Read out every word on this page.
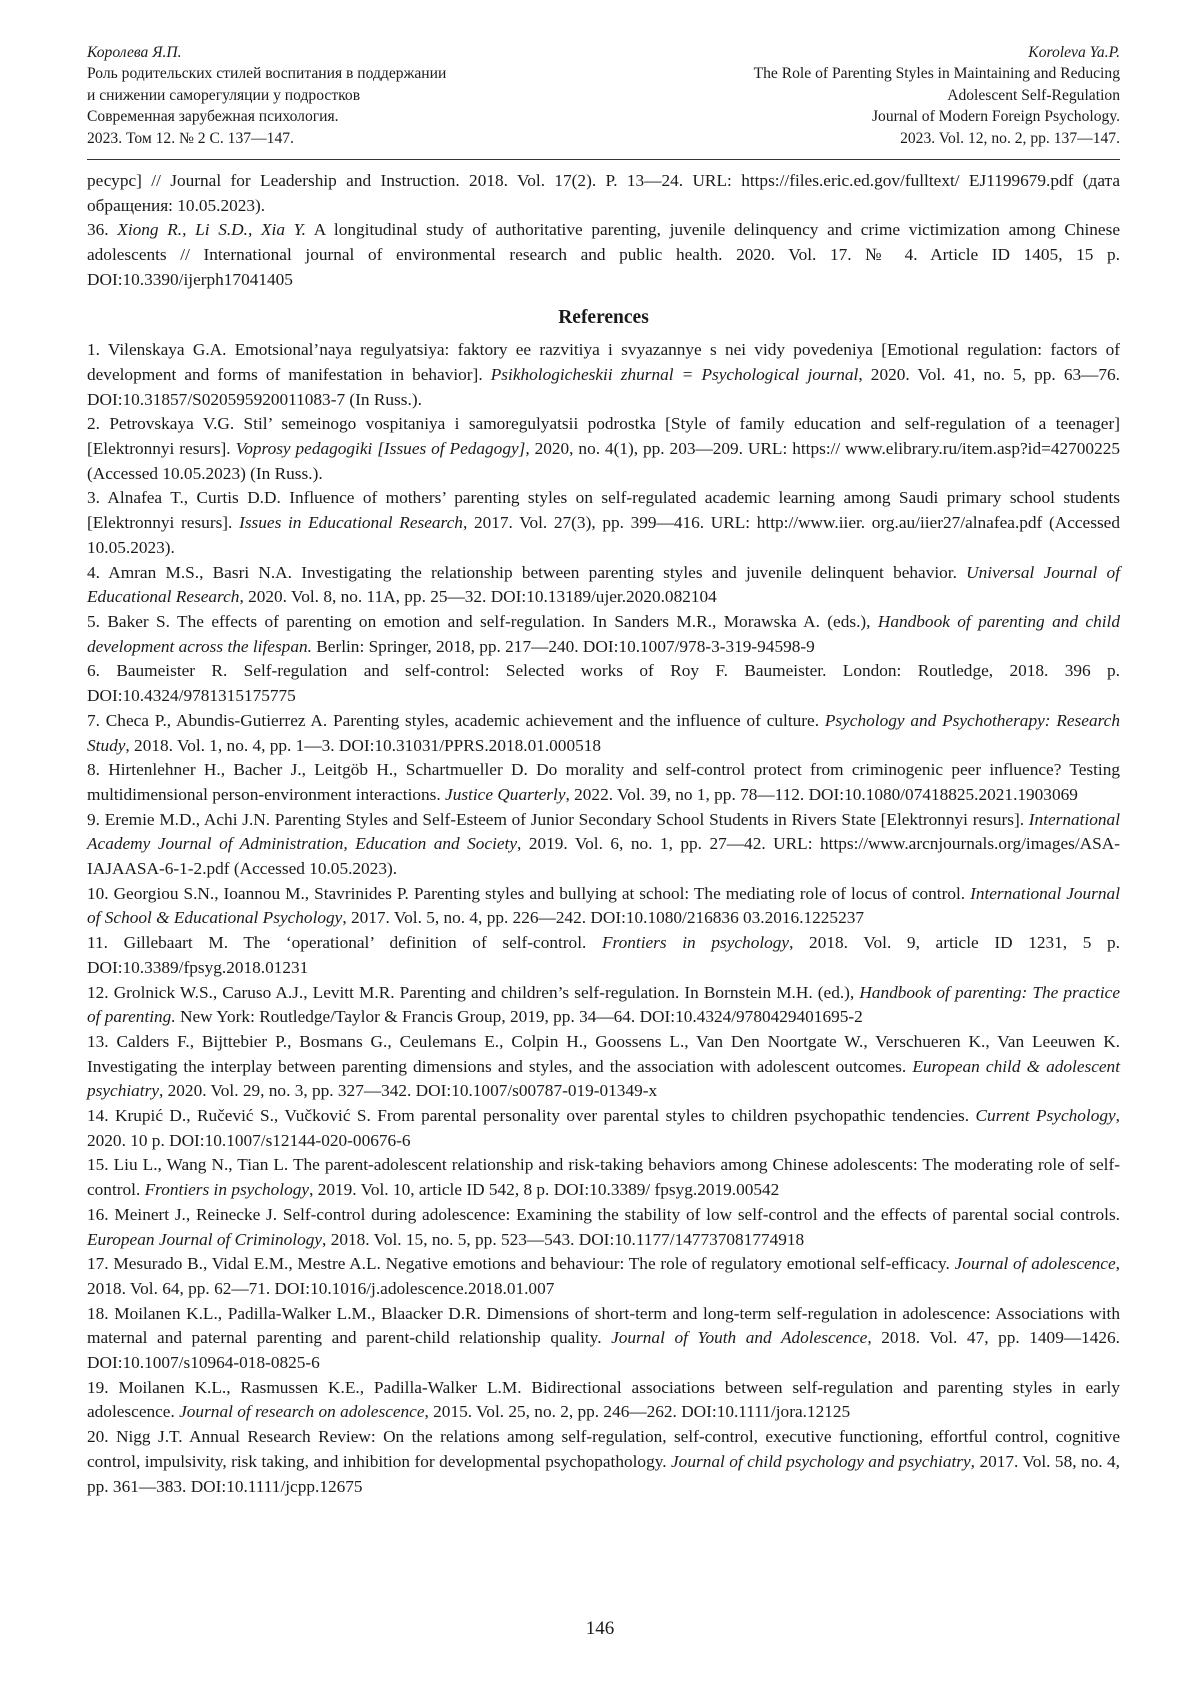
Королева Я.П.
Роль родительских стилей воспитания в поддержании
и снижении саморегуляции у подростков
Современная зарубежная психология.
2023. Том 12. № 2 С. 137—147.
Koroleva Ya.P.
The Role of Parenting Styles in Maintaining and Reducing
Adolescent Self-Regulation
Journal of Modern Foreign Psychology.
2023. Vol. 12, no. 2, pp. 137—147.

ресурс] // Journal for Leadership and Instruction. 2018. Vol. 17(2). P. 13—24. URL: https://files.eric.ed.gov/fulltext/ EJ1199679.pdf (дата обращения: 10.05.2023).

36. Xiong R., Li S.D., Xia Y. A longitudinal study of authoritative parenting, juvenile delinquency and crime victimization among Chinese adolescents // International journal of environmental research and public health. 2020. Vol. 17. № 4. Article ID 1405, 15 p. DOI:10.3390/ijerph17041405

References

1. Vilenskaya G.A. Emotsional’naya regulyatsiya: faktory ee razvitiya i svyazannye s nei vidy povedeniya [Emotional regulation: factors of development and forms of manifestation in behavior]. Psikhologicheskii zhurnal = Psychological journal, 2020. Vol. 41, no. 5, pp. 63—76. DOI:10.31857/S020595920011083-7 (In Russ.).

2. Petrovskaya V.G. Stil’ semeinogo vospitaniya i samoregulyatsii podrostka [Style of family education and self-regulation of a teenager] [Elektronnyi resurs]. Voprosy pedagogiki [Issues of Pedagogy], 2020, no. 4(1), pp. 203—209. URL: https:// www.elibrary.ru/item.asp?id=42700225 (Accessed 10.05.2023) (In Russ.).

3. Alnafea T., Curtis D.D. Influence of mothers’ parenting styles on self-regulated academic learning among Saudi primary school students [Elektronnyi resurs]. Issues in Educational Research, 2017. Vol. 27(3), pp. 399—416. URL: http://www.iier. org.au/iier27/alnafea.pdf (Accessed 10.05.2023).

4. Amran M.S., Basri N.A. Investigating the relationship between parenting styles and juvenile delinquent behavior. Universal Journal of Educational Research, 2020. Vol. 8, no. 11A, pp. 25—32. DOI:10.13189/ujer.2020.082104

5. Baker S. The effects of parenting on emotion and self-regulation. In Sanders M.R., Morawska A. (eds.), Handbook of parenting and child development across the lifespan. Berlin: Springer, 2018, pp. 217—240. DOI:10.1007/978-3-319-94598-9

6. Baumeister R. Self-regulation and self-control: Selected works of Roy F. Baumeister. London: Routledge, 2018. 396 p. DOI:10.4324/9781315175775

7. Checa P., Abundis-Gutierrez A. Parenting styles, academic achievement and the influence of culture. Psychology and Psychotherapy: Research Study, 2018. Vol. 1, no. 4, pp. 1—3. DOI:10.31031/PPRS.2018.01.000518

8. Hirtenlehner H., Bacher J., Leitgöb H., Schartmueller D. Do morality and self-control protect from criminogenic peer influence? Testing multidimensional person-environment interactions. Justice Quarterly, 2022. Vol. 39, no 1, pp. 78—112. DOI:10.1080/07418825.2021.1903069

9. Eremie M.D., Achi J.N. Parenting Styles and Self-Esteem of Junior Secondary School Students in Rivers State [Elektronnyi resurs]. International Academy Journal of Administration, Education and Society, 2019. Vol. 6, no. 1, pp. 27—42. URL: https://www.arcnjournals.org/images/ASA-IAJAASA-6-1-2.pdf (Accessed 10.05.2023).

10. Georgiou S.N., Ioannou M., Stavrinides P. Parenting styles and bullying at school: The mediating role of locus of control. International Journal of School & Educational Psychology, 2017. Vol. 5, no. 4, pp. 226—242. DOI:10.1080/216836 03.2016.1225237

11. Gillebaart M. The ‘operational’ definition of self-control. Frontiers in psychology, 2018. Vol. 9, article ID 1231, 5 p. DOI:10.3389/fpsyg.2018.01231

12. Grolnick W.S., Caruso A.J., Levitt M.R. Parenting and children’s self-regulation. In Bornstein M.H. (ed.), Handbook of parenting: The practice of parenting. New York: Routledge/Taylor & Francis Group, 2019, pp. 34—64. DOI:10.4324/9780429401695-2

13. Calders F., Bijttebier P., Bosmans G., Ceulemans E., Colpin H., Goossens L., Van Den Noortgate W., Verschueren K., Van Leeuwen K. Investigating the interplay between parenting dimensions and styles, and the association with adolescent outcomes. European child & adolescent psychiatry, 2020. Vol. 29, no. 3, pp. 327—342. DOI:10.1007/s00787-019-01349-x

14. Krupić D., Ručević S., Vučković S. From parental personality over parental styles to children psychopathic tendencies. Current Psychology, 2020. 10 p. DOI:10.1007/s12144-020-00676-6

15. Liu L., Wang N., Tian L. The parent-adolescent relationship and risk-taking behaviors among Chinese adolescents: The moderating role of self-control. Frontiers in psychology, 2019. Vol. 10, article ID 542, 8 p. DOI:10.3389/ fpsyg.2019.00542

16. Meinert J., Reinecke J. Self-control during adolescence: Examining the stability of low self-control and the effects of parental social controls. European Journal of Criminology, 2018. Vol. 15, no. 5, pp. 523—543. DOI:10.1177/147737081774918

17. Mesurado B., Vidal E.M., Mestre A.L. Negative emotions and behaviour: The role of regulatory emotional self-efficacy. Journal of adolescence, 2018. Vol. 64, pp. 62—71. DOI:10.1016/j.adolescence.2018.01.007

18. Moilanen K.L., Padilla-Walker L.M., Blaacker D.R. Dimensions of short-term and long-term self-regulation in adolescence: Associations with maternal and paternal parenting and parent-child relationship quality. Journal of Youth and Adolescence, 2018. Vol. 47, pp. 1409—1426. DOI:10.1007/s10964-018-0825-6

19. Moilanen K.L., Rasmussen K.E., Padilla-Walker L.M. Bidirectional associations between self-regulation and parenting styles in early adolescence. Journal of research on adolescence, 2015. Vol. 25, no. 2, pp. 246—262. DOI:10.1111/jora.12125

20. Nigg J.T. Annual Research Review: On the relations among self-regulation, self-control, executive functioning, effortful control, cognitive control, impulsivity, risk taking, and inhibition for developmental psychopathology. Journal of child psychology and psychiatry, 2017. Vol. 58, no. 4, pp. 361—383. DOI:10.1111/jcpp.12675

146
